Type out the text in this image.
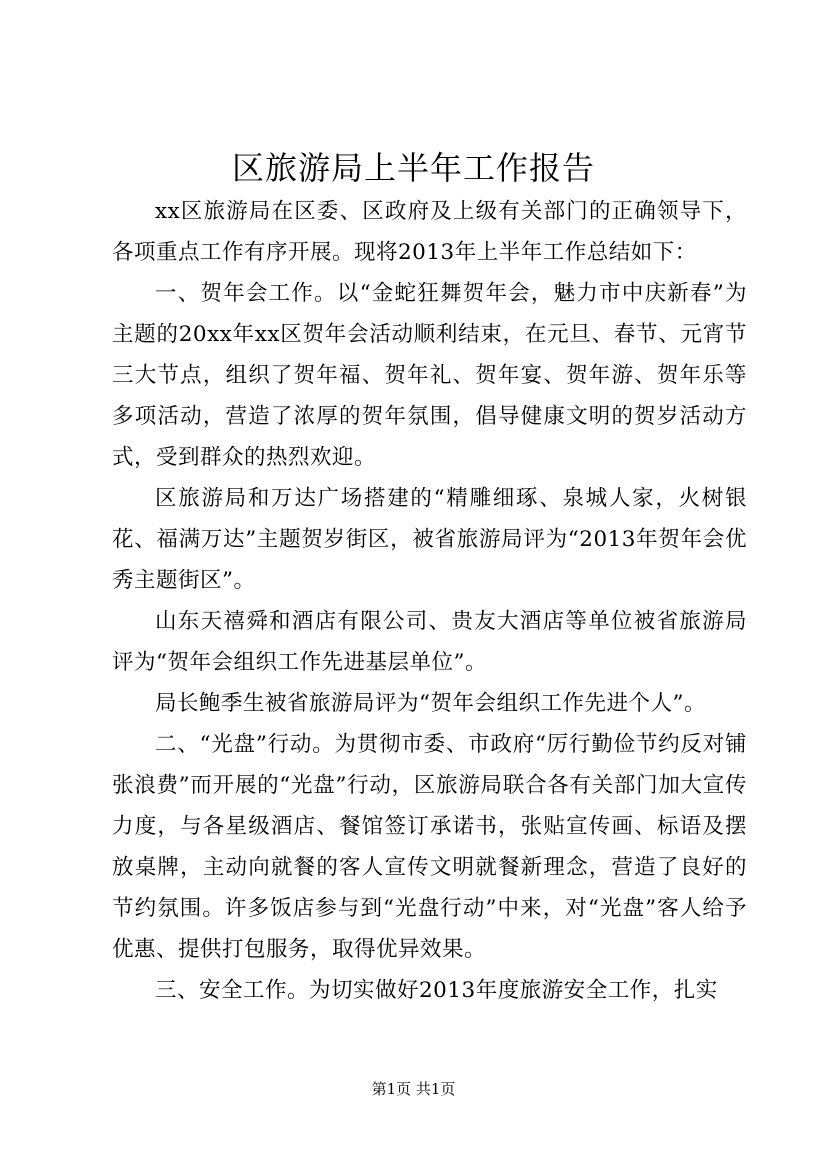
区旅游局上半年工作报告

xx区旅游局在区委、区政府及上级有关部门的正确领导下，各项重点工作有序开展。现将2013年上半年工作总结如下：

一、贺年会工作。以“金蛇狂舞贺年会，魅力市中庆新春”为主题的20xx年xx区贺年会活动顺利结束，在元旦、春节、元宵节三大节点，组织了贺年福、贺年礼、贺年宴、贺年游、贺年乐等多项活动，营造了浓厚的贺年氛围，倡导健康文明的贺岁活动方式，受到群众的热烈欢迎。

区旅游局和万达广场搭建的“精雕细琢、泉城人家，火树银花、福满万达”主题贺岁街区，被省旅游局评为“2013年贺年会优秀主题街区”。

山东天禧舜和酒店有限公司、贵友大酒店等单位被省旅游局评为“贺年会组织工作先进基层单位”。

局长鲍季生被省旅游局评为“贺年会组织工作先进个人”。

二、“光盘”行动。为贯彻市委、市政府“厉行勤俭节约反对铺张浪费”而开展的“光盘”行动，区旅游局联合各有关部门加大宣传力度，与各星级酒店、餐馆签订承诺书，张贴宣传画、标语及摆放桌牌，主动向就餐的客人宣传文明就餐新理念，营造了良好的节约氛围。许多饭店参与到“光盘行动”中来，对“光盘”客人给予优惠、提供打包服务，取得优异效果。

三、安全工作。为切实做好2013年度旅游安全工作，扎实

第1页 共1页
